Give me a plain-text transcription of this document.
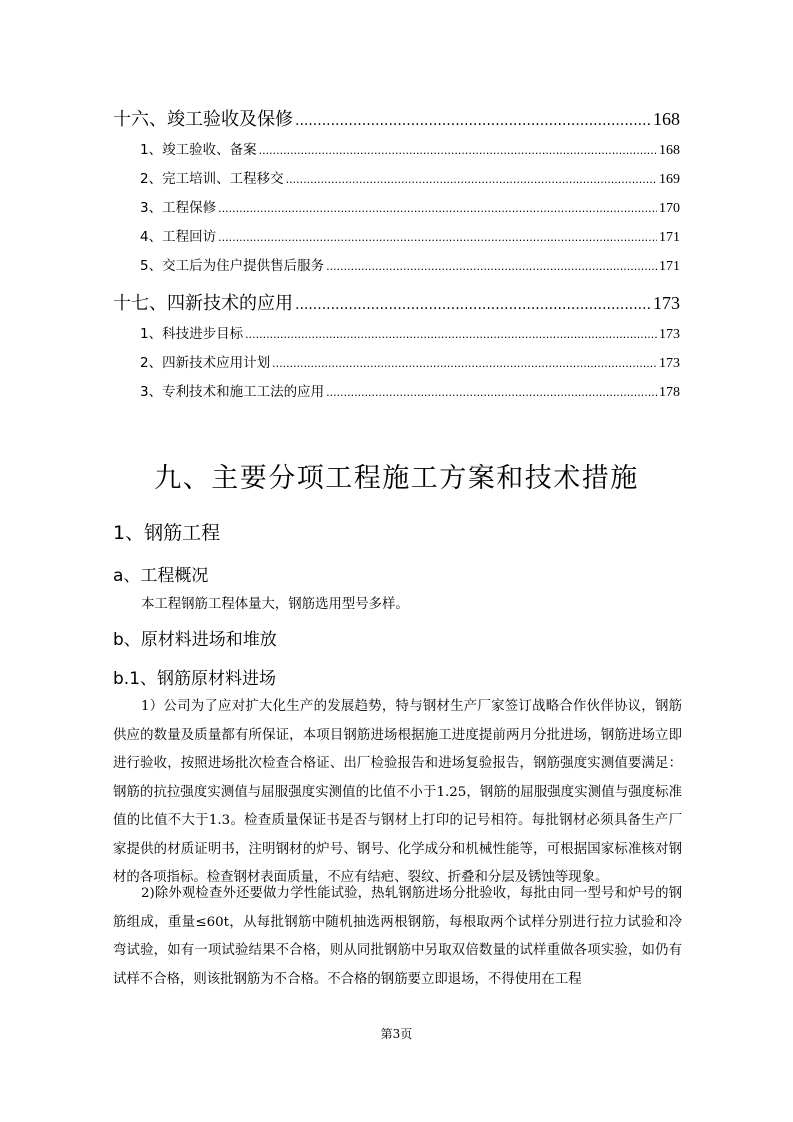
十六、竣工验收及保修 .....	168
1、竣工验收、备案 .....	168
2、完工培训、工程移交 .....	169
3、工程保修 .....	170
4、工程回访 .....	171
5、交工后为住户提供售后服务 .....	171
十七、四新技术的应用 .....	173
1、科技进步目标 .....	173
2、四新技术应用计划 .....	173
3、专利技术和施工工法的应用 .....	178
九、主要分项工程施工方案和技术措施
1、钢筋工程
a、工程概况

本工程钢筋工程体量大，钢筋选用型号多样。

b、原材料进场和堆放
b.1、钢筋原材料进场

1）公司为了应对扩大化生产的发展趋势，特与钢材生产厂家签订战略合作伙伴协议，钢筋供应的数量及质量都有所保证，本项目钢筋进场根据施工进度提前两月分批进场，钢筋进场立即进行验收，按照进场批次检查合格证、出厂检验报告和进场复验报告，钢筋强度实测值要满足：钢筋的抗拉强度实测值与屈服强度实测值的比值不小于1.25，钢筋的屈服强度实测值与强度标准值的比值不大于1.3。检查质量保证书是否与钢材上打印的记号相符。每批钢材必须具备生产厂家提供的材质证明书，注明钢材的炉号、钢号、化学成分和机械性能等，可根据国家标准核对钢材的各项指标。检查钢材表面质量，不应有结疤、裂纹、折叠和分层及锈蚀等现象。

2)除外观检查外还要做力学性能试验，热轧钢筋进场分批验收，每批由同一型号和炉号的钢筋组成，重量≤60t，从每批钢筋中随机抽选两根钢筋，每根取两个试样分别进行拉力试验和冷弯试验，如有一项试验结果不合格，则从同批钢筋中另取双倍数量的试样重做各项实验，如仍有试样不合格，则该批钢筋为不合格。不合格的钢筋要立即退场，不得使用在工程

第3页
